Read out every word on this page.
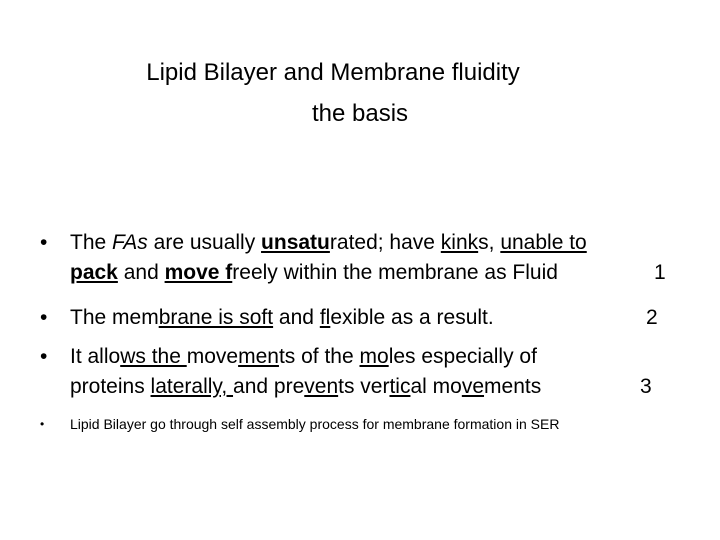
Lipid Bilayer and Membrane fluidity
the basis
• The FAs are usually unsaturated; have kinks, unable to
pack and move freely within the membrane as Fluid	1
• The membrane is soft and flexible as a result.	2
• It allows the movements of the moles especially of
proteins laterally, and prevents vertical movements	3
• Lipid Bilayer go through self assembly process for membrane formation in SER
